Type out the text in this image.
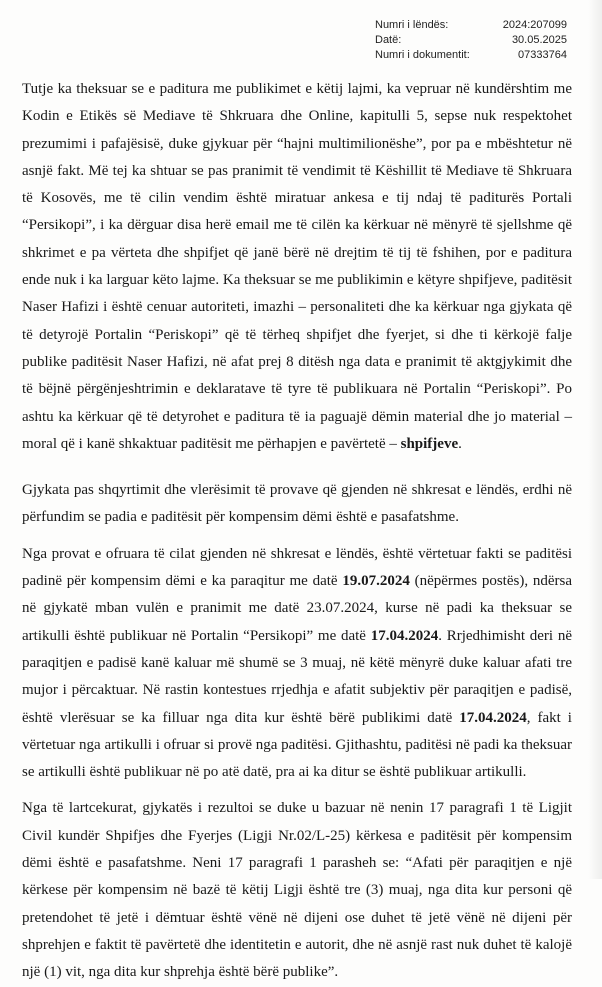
Numri i lëndës:	2024:207099
Datë:	30.05.2025
Numri i dokumentit:	07333764

Tutje ka theksuar se e paditura me publikimet e këtij lajmi, ka vepruar në kundërshtim me Kodin e Etikës së Mediave të Shkruara dhe Online, kapitulli 5, sepse nuk respektohet prezumimi i pafajësisë, duke gjykuar për “hajni multimilionëshe”, por pa e mbështetur në asnjë fakt. Më tej ka shtuar se pas pranimit të vendimit të Këshillit të Mediave të Shkruara të Kosovës, me të cilin vendim është miratuar ankesa e tij ndaj të paditurës Portali “Persikopi”, i ka dërguar disa herë email me të cilën ka kërkuar në mënyrë të sjellshme që shkrimet e pa vërteta dhe shpifjet që janë bërë në drejtim të tij të fshihen, por e paditura ende nuk i ka larguar këto lajme. Ka theksuar se me publikimin e këtyre shpifjeve, paditësit Naser Hafizi i është cenuar autoriteti, imazhi – personaliteti dhe ka kërkuar nga gjykata që të detyrojë Portalin “Periskopi” që të tërheq shpifjet dhe fyerjet, si dhe ti kërkojë falje publike paditësit Naser Hafizi, në afat prej 8 ditësh nga data e pranimit të aktgjykimit dhe të bëjnë përgënjeshtrimin e deklaratave të tyre të publikuara në Portalin “Periskopi”. Po ashtu ka kërkuar që të detyrohet e paditura të ia paguajë dëmin material dhe jo material – moral që i kanë shkaktuar paditësit me përhapjen e pavërtetë – shpifjeve.

Gjykata pas shqyrtimit dhe vlerësimit të provave që gjenden në shkresat e lëndës, erdhi në përfundim se padia e paditësit për kompensim dëmi është e pasafatshme.

Nga provat e ofruara të cilat gjenden në shkresat e lëndës, është vërtetuar fakti se paditësi padinë për kompensim dëmi e ka paraqitur me datë 19.07.2024 (nëpërmes postës), ndërsa në gjykatë mban vulën e pranimit me datë 23.07.2024, kurse në padi ka theksuar se artikulli është publikuar në Portalin “Persikopi” me datë 17.04.2024. Rrjedhimisht deri në paraqitjen e padisë kanë kaluar më shumë se 3 muaj, në këtë mënyrë duke kaluar afati tre mujor i përcaktuar. Në rastin kontestues rrjedhja e afatit subjektiv për paraqitjen e padisë, është vlerësuar se ka filluar nga dita kur është bërë publikimi datë 17.04.2024, fakt i vërtetuar nga artikulli i ofruar si provë nga paditësi. Gjithashtu, paditësi në padi ka theksuar se artikulli është publikuar në po atë datë, pra ai ka ditur se është publikuar artikulli.

Nga të lartcekurat, gjykatës i rezultoi se duke u bazuar në nenin 17 paragrafi 1 të Ligjit Civil kundër Shpifjes dhe Fyerjes (Ligji Nr.02/L-25) kërkesa e paditësit për kompensim dëmi është e pasafatshme. Neni 17 paragrafi 1 parasheh se: “Afati për paraqitjen e një kërkese për kompensim në bazë të këtij Ligji është tre (3) muaj, nga dita kur personi që pretendohet të jetë i dëmtuar është vënë në dijeni ose duhet të jetë vënë në dijeni për shprehjen e faktit të pavërtetë dhe identitetin e autorit, dhe në asnjë rast nuk duhet të kalojë një (1) vit, nga dita kur shprehja është bërë publike”.
